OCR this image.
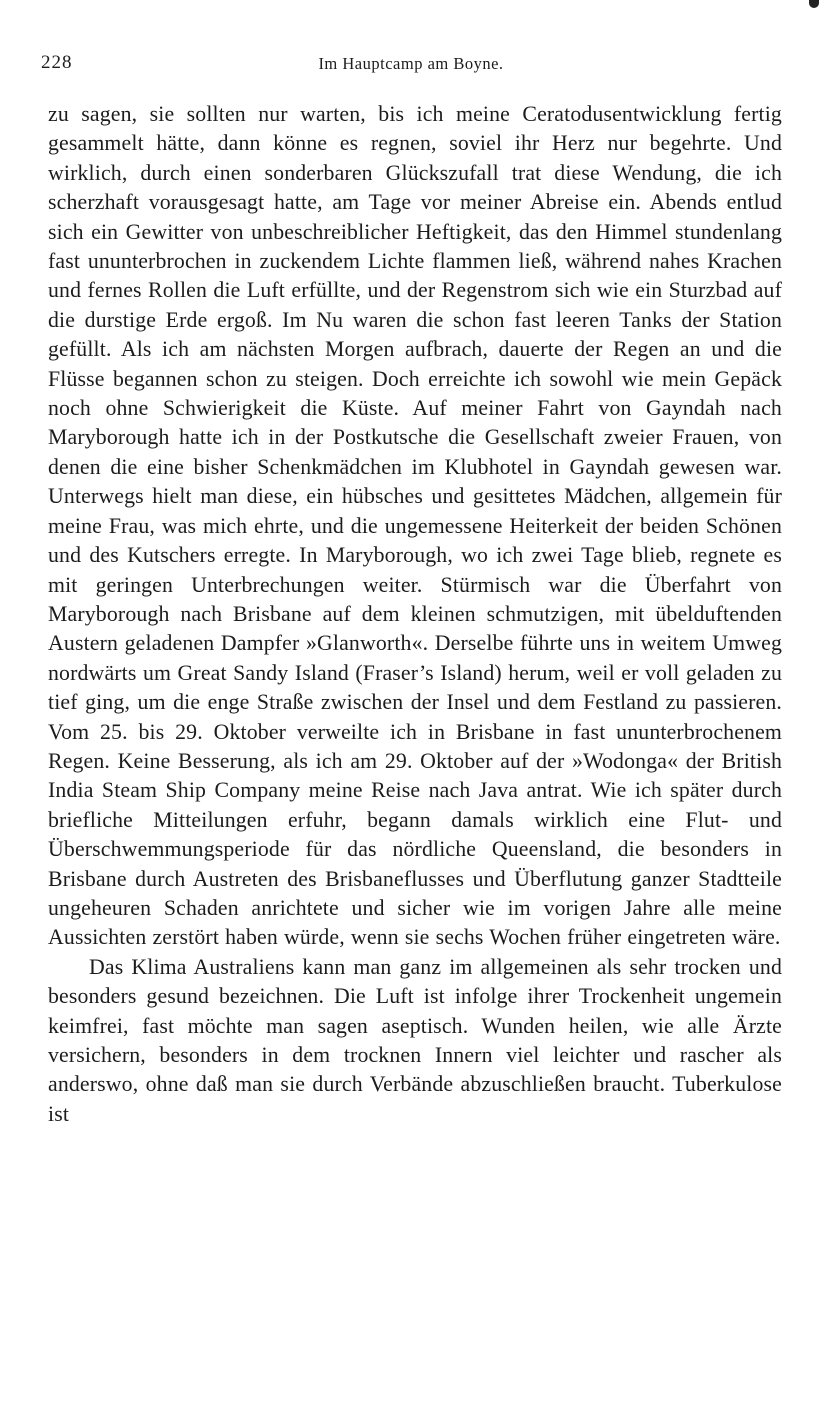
228	Im Hauptcamp am Boyne.

zu sagen, sie sollten nur warten, bis ich meine Ceratodusentwicklung fertig gesammelt hätte, dann könne es regnen, soviel ihr Herz nur begehrte. Und wirklich, durch einen sonderbaren Glückszufall trat diese Wendung, die ich scherzhaft vorausgesagt hatte, am Tage vor meiner Abreise ein. Abends entlud sich ein Gewitter von unbeschreiblicher Heftigkeit, das den Himmel stundenlang fast ununterbrochen in zuckendem Lichte flammen ließ, während nahes Krachen und fernes Rollen die Luft erfüllte, und der Regenstrom sich wie ein Sturzbad auf die durstige Erde ergoß. Im Nu waren die schon fast leeren Tanks der Station gefüllt. Als ich am nächsten Morgen aufbrach, dauerte der Regen an und die Flüsse begannen schon zu steigen. Doch erreichte ich sowohl wie mein Gepäck noch ohne Schwierigkeit die Küste. Auf meiner Fahrt von Gayndah nach Maryborough hatte ich in der Postkutsche die Gesellschaft zweier Frauen, von denen die eine bisher Schenkmädchen im Klubhotel in Gayndah gewesen war. Unterwegs hielt man diese, ein hübsches und gesittetes Mädchen, allgemein für meine Frau, was mich ehrte, und die ungemessene Heiterkeit der beiden Schönen und des Kutschers erregte. In Maryborough, wo ich zwei Tage blieb, regnete es mit geringen Unterbrechungen weiter. Stürmisch war die Überfahrt von Maryborough nach Brisbane auf dem kleinen schmutzigen, mit übelduftenden Austern geladenen Dampfer »Glanworth«. Derselbe führte uns in weitem Umweg nordwärts um Great Sandy Island (Fraser’s Island) herum, weil er voll geladen zu tief ging, um die enge Straße zwischen der Insel und dem Festland zu passieren. Vom 25. bis 29. Oktober verweilte ich in Brisbane in fast ununterbrochenem Regen. Keine Besserung, als ich am 29. Oktober auf der »Wodonga« der British India Steam Ship Company meine Reise nach Java antrat. Wie ich später durch briefliche Mitteilungen erfuhr, begann damals wirklich eine Flut- und Überschwemmungsperiode für das nördliche Queensland, die besonders in Brisbane durch Austreten des Brisbaneflusses und Überflutung ganzer Stadtteile ungeheuren Schaden anrichtete und sicher wie im vorigen Jahre alle meine Aussichten zerstört haben würde, wenn sie sechs Wochen früher eingetreten wäre.

Das Klima Australiens kann man ganz im allgemeinen als sehr trocken und besonders gesund bezeichnen. Die Luft ist infolge ihrer Trockenheit ungemein keimfrei, fast möchte man sagen aseptisch. Wunden heilen, wie alle Ärzte versichern, besonders in dem trocknen Innern viel leichter und rascher als anderswo, ohne daß man sie durch Verbände abzuschließen braucht. Tuberkulose ist
